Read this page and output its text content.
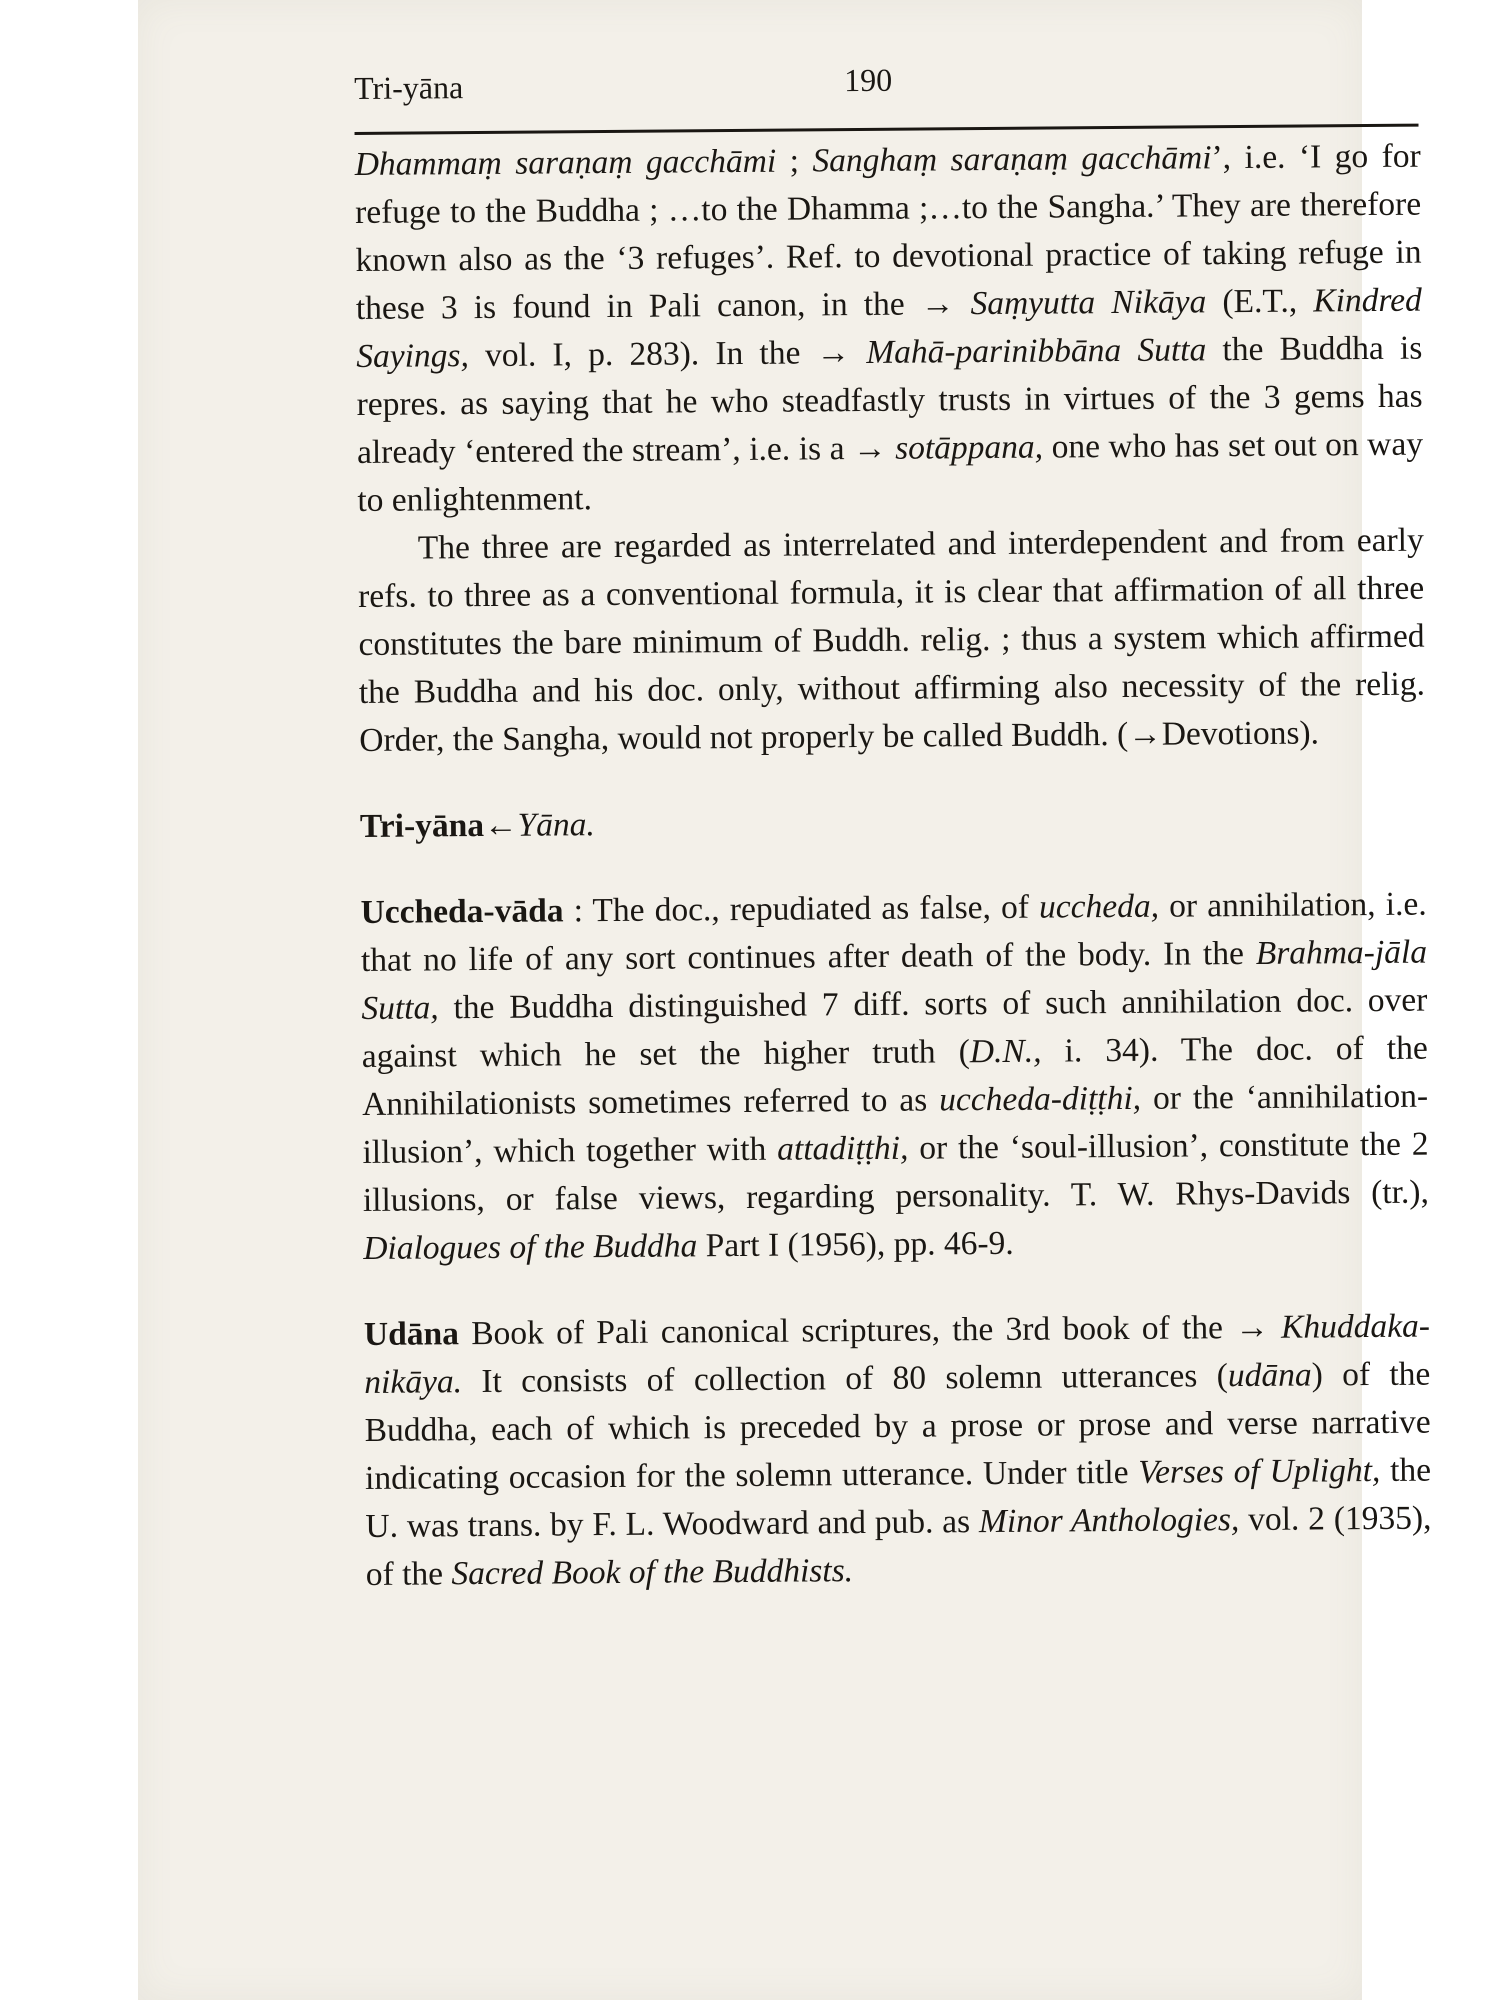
Tri-yāna	190

Dhammaṃ saraṇaṃ gacchāmi ; Sanghaṃ saraṇaṃ gacchāmi’, i.e. ‘I go for refuge to the Buddha ; …to the Dhamma ;…to the Sangha.’ They are therefore known also as the ‘3 refuges’. Ref. to devotional practice of taking refuge in these 3 is found in Pali canon, in the → Saṃyutta Nikāya (E.T., Kindred Sayings, vol. I, p. 283). In the → Mahā-parinibbāna Sutta the Buddha is repres. as saying that he who steadfastly trusts in virtues of the 3 gems has already ‘entered the stream’, i.e. is a → sotāppana, one who has set out on way to enlightenment.

The three are regarded as interrelated and interdependent and from early refs. to three as a conventional formula, it is clear that affirmation of all three constitutes the bare minimum of Buddh. relig. ; thus a system which affirmed the Buddha and his doc. only, without affirming also necessity of the relig. Order, the Sangha, would not properly be called Buddh. (→Devotions).

Tri-yāna←Yāna.

Uccheda-vāda : The doc., repudiated as false, of uccheda, or annihilation, i.e. that no life of any sort continues after death of the body. In the Brahma-jāla Sutta, the Buddha distinguished 7 diff. sorts of such annihilation doc. over against which he set the higher truth (D.N., i. 34). The doc. of the Annihilationists sometimes referred to as uccheda-diṭṭhi, or the ‘annihilation-illusion’, which together with attadiṭṭhi, or the ‘soul-illusion’, constitute the 2 illusions, or false views, regarding personality. T. W. Rhys-Davids (tr.), Dialogues of the Buddha Part I (1956), pp. 46-9.

Udāna Book of Pali canonical scriptures, the 3rd book of the → Khuddaka-nikāya. It consists of collection of 80 solemn utterances (udāna) of the Buddha, each of which is preceded by a prose or prose and verse narrative indicating occasion for the solemn utterance. Under title Verses of Uplight, the U. was trans. by F. L. Woodward and pub. as Minor Anthologies, vol. 2 (1935), of the Sacred Book of the Buddhists.
